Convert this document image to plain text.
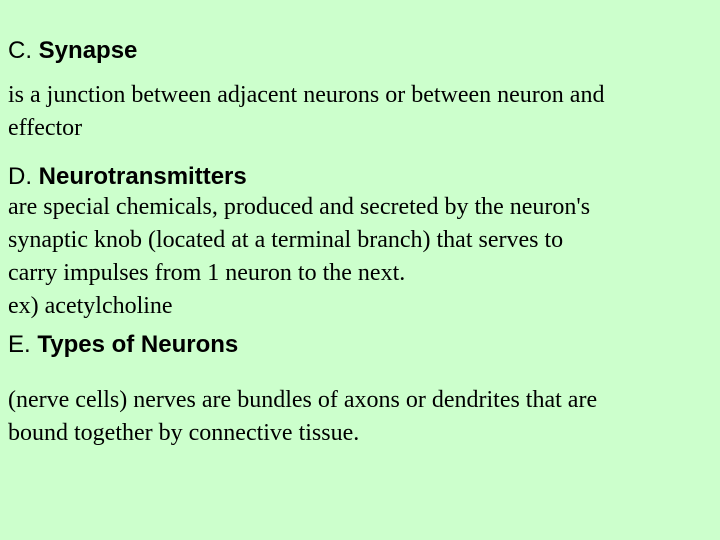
C. Synapse
is a junction between adjacent neurons or between neuron and
effector
D. Neurotransmitters
are special chemicals, produced and secreted by the neuron's
synaptic knob (located at a terminal branch) that serves to
carry impulses from 1 neuron to the next.
ex) acetylcholine
E. Types of Neurons
(nerve cells) nerves are bundles of axons or dendrites that are
bound together by connective tissue.
